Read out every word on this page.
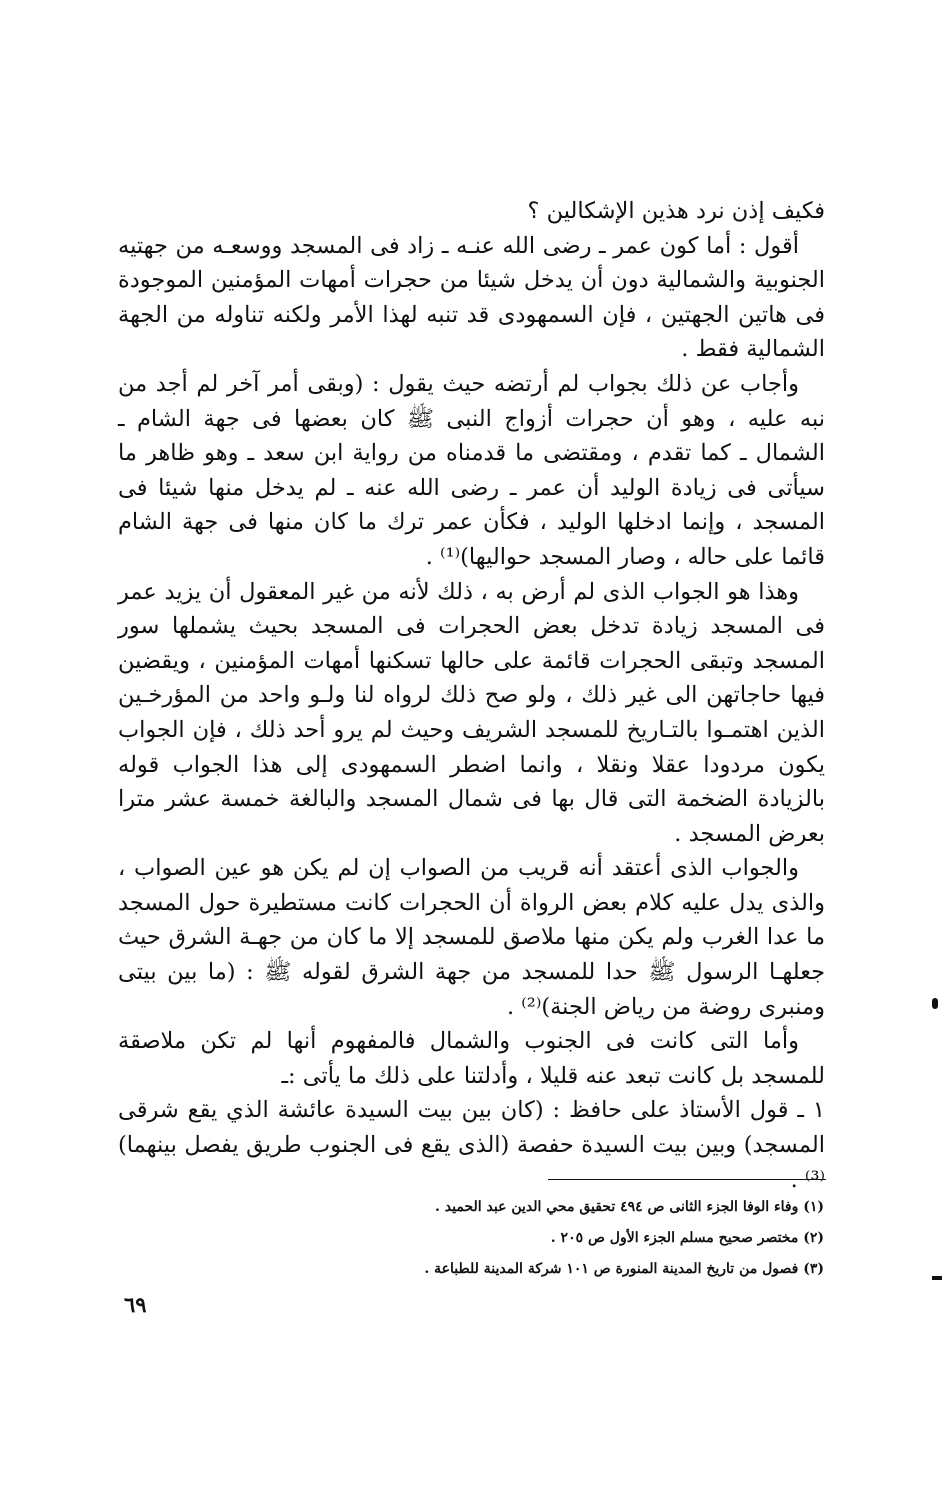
فكيف إذن نرد هذين الإشكالين ؟

أقول : أما كون عمر ـ رضى الله عنـه ـ زاد فى المسجد ووسعـه من جهتيه الجنوبية والشمالية دون أن يدخل شيئا من حجرات أمهات المؤمنين الموجودة فى هاتين الجهتين ، فإن السمهودى قد تنبه لهذا الأمر ولكنه تناوله من الجهة الشمالية فقط .

وأجاب عن ذلك بجواب لم أرتضه حيث يقول : (وبقى أمر آخر لم أجد من نبه عليه ، وهو أن حجرات أزواج النبى ﷺ كان بعضها فى جهة الشام ـ الشمال ـ كما تقدم ، ومقتضى ما قدمناه من رواية ابن سعد ـ وهو ظاهر ما سيأتى فى زيادة الوليد أن عمر ـ رضى الله عنه ـ لم يدخل منها شيئا فى المسجد ، وإنما ادخلها الوليد ، فكأن عمر ترك ما كان منها فى جهة الشام قائما على حاله ، وصار المسجد حواليها)⁽¹⁾ .

وهذا هو الجواب الذى لم أرض به ، ذلك لأنه من غير المعقول أن يزيد عمر فى المسجد زيادة تدخل بعض الحجرات فى المسجد بحيث يشملها سور المسجد وتبقى الحجرات قائمة على حالها تسكنها أمهات المؤمنين ، ويقضين فيها حاجاتهن الى غير ذلك ، ولو صح ذلك لرواه لنا ولـو واحد من المؤرخـين الذين اهتمـوا بالتـاريخ للمسجد الشريف وحيث لم يرو أحد ذلك ، فإن الجواب يكون مردودا عقلا ونقلا ، وانما اضطر السمهودى إلى هذا الجواب قوله بالزيادة الضخمة التى قال بها فى شمال المسجد والبالغة خمسة عشر مترا بعرض المسجد .

والجواب الذى أعتقد أنه قريب من الصواب إن لم يكن هو عين الصواب ، والذى يدل عليه كلام بعض الرواة أن الحجرات كانت مستطيرة حول المسجد ما عدا الغرب ولم يكن منها ملاصق للمسجد إلا ما كان من جهـة الشرق حيث جعلهـا الرسول ﷺ حدا للمسجد من جهة الشرق لقوله ﷺ : (ما بين بيتى ومنبرى روضة من رياض الجنة)⁽²⁾ .

وأما التى كانت فى الجنوب والشمال فالمفهوم أنها لم تكن ملاصقة للمسجد بل كانت تبعد عنه قليلا ، وأدلتنا على ذلك ما يأتى :ـ

١ ـ قول الأستاذ على حافظ : (كان بين بيت السيدة عائشة الذي يقع شرقى المسجد) وبين بيت السيدة حفصة (الذى يقع فى الجنوب طريق يفصل بينهما)⁽³⁾ .

(١) وفاء الوفا الجزء الثانى ص ٤٩٤ تحقيق محي الدين عبد الحميد .

(٢) مختصر صحيح مسلم الجزء الأول ص ٢٠٥ .

(٣) فصول من تاريخ المدينة المنورة ص ١٠١ شركة المدينة للطباعة .

٦٩
